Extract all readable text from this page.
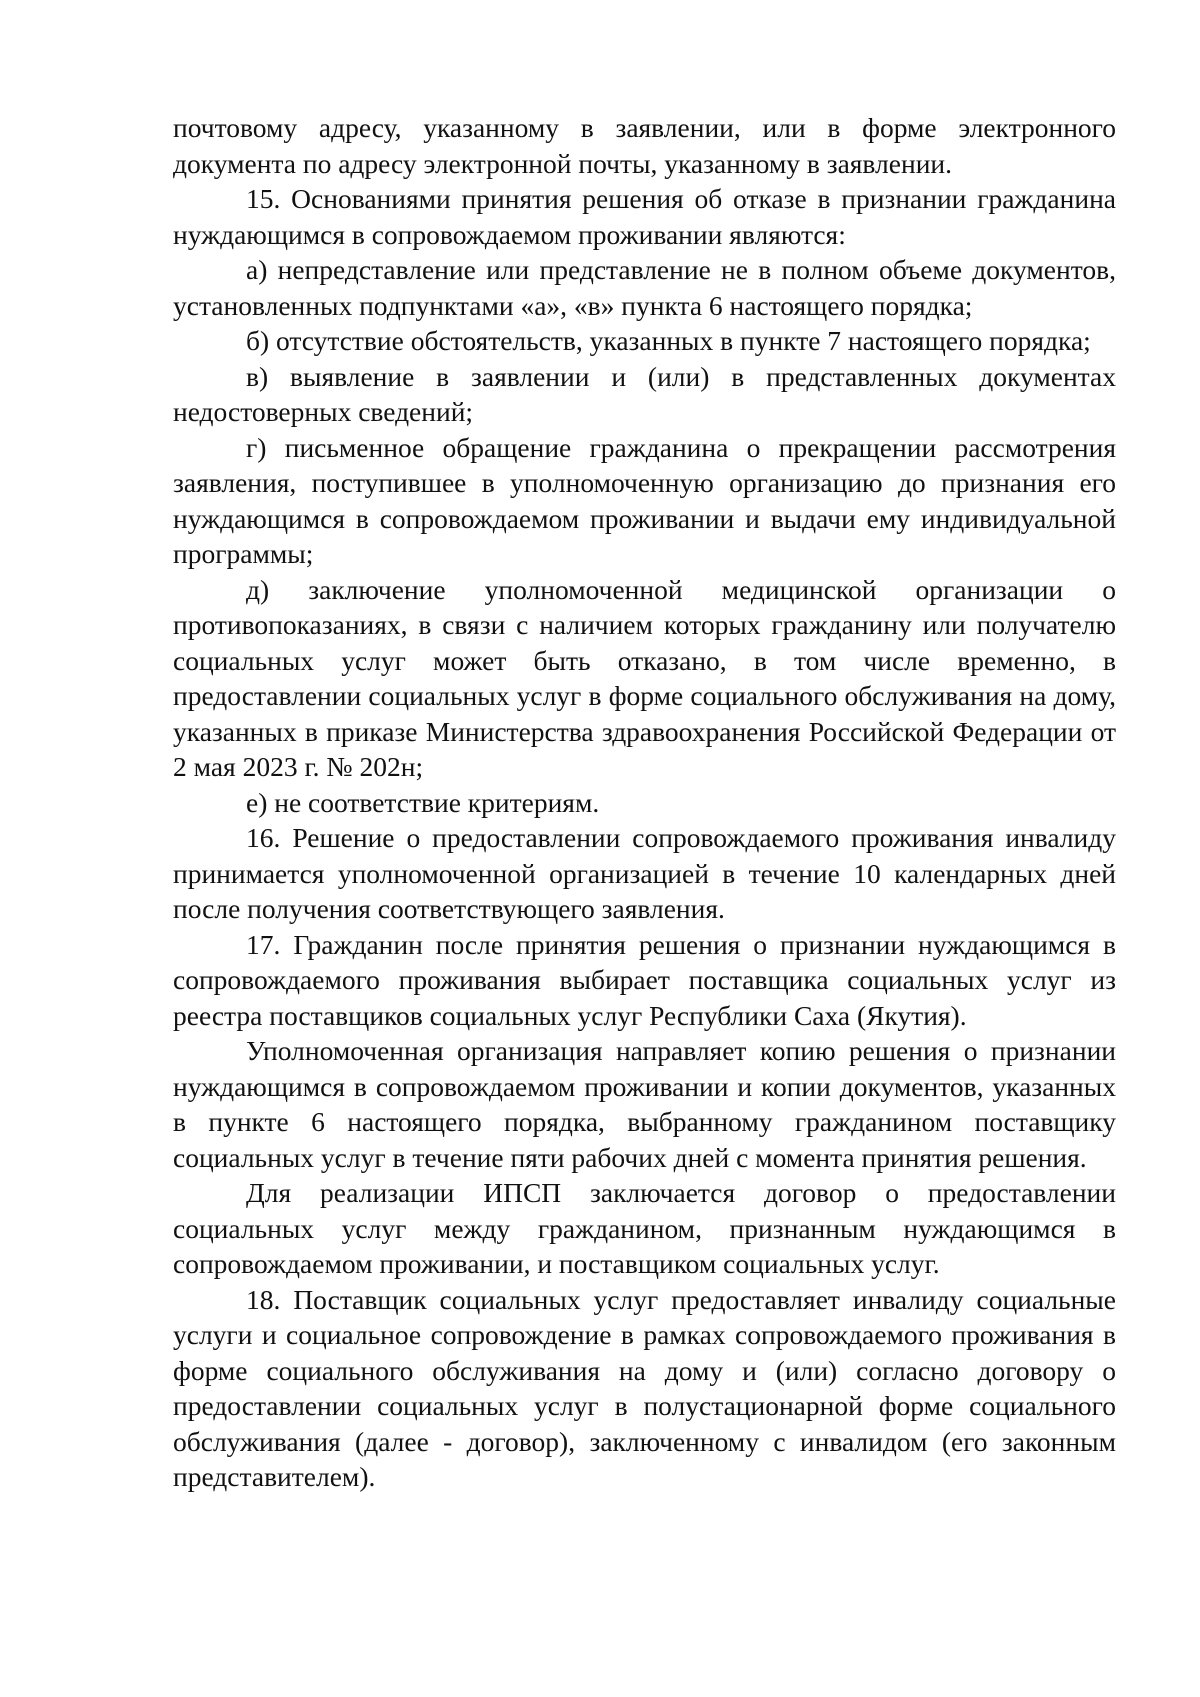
почтовому адресу, указанному в заявлении, или в форме электронного документа по адресу электронной почты, указанному в заявлении.

15. Основаниями принятия решения об отказе в признании гражданина нуждающимся в сопровождаемом проживании являются:

а) непредставление или представление не в полном объеме документов, установленных подпунктами «а», «в» пункта 6 настоящего порядка;

б) отсутствие обстоятельств, указанных в пункте 7 настоящего порядка;

в) выявление в заявлении и (или) в представленных документах недостоверных сведений;

г) письменное обращение гражданина о прекращении рассмотрения заявления, поступившее в уполномоченную организацию до признания его нуждающимся в сопровождаемом проживании и выдачи ему индивидуальной программы;

д) заключение уполномоченной медицинской организации о противопоказаниях, в связи с наличием которых гражданину или получателю социальных услуг может быть отказано, в том числе временно, в предоставлении социальных услуг в форме социального обслуживания на дому, указанных в приказе Министерства здравоохранения Российской Федерации от 2 мая 2023 г. № 202н;

е) не соответствие критериям.

16. Решение о предоставлении сопровождаемого проживания инвалиду принимается уполномоченной организацией в течение 10 календарных дней после получения соответствующего заявления.

17. Гражданин после принятия решения о признании нуждающимся в сопровождаемого проживания выбирает поставщика социальных услуг из реестра поставщиков социальных услуг Республики Саха (Якутия).

Уполномоченная организация направляет копию решения о признании нуждающимся в сопровождаемом проживании и копии документов, указанных в пункте 6 настоящего порядка, выбранному гражданином поставщику социальных услуг в течение пяти рабочих дней с момента принятия решения.

Для реализации ИПСП заключается договор о предоставлении социальных услуг между гражданином, признанным нуждающимся в сопровождаемом проживании, и поставщиком социальных услуг.

18. Поставщик социальных услуг предоставляет инвалиду социальные услуги и социальное сопровождение в рамках сопровождаемого проживания в форме социального обслуживания на дому и (или) согласно договору о предоставлении социальных услуг в полустационарной форме социального обслуживания (далее - договор), заключенному с инвалидом (его законным представителем).
